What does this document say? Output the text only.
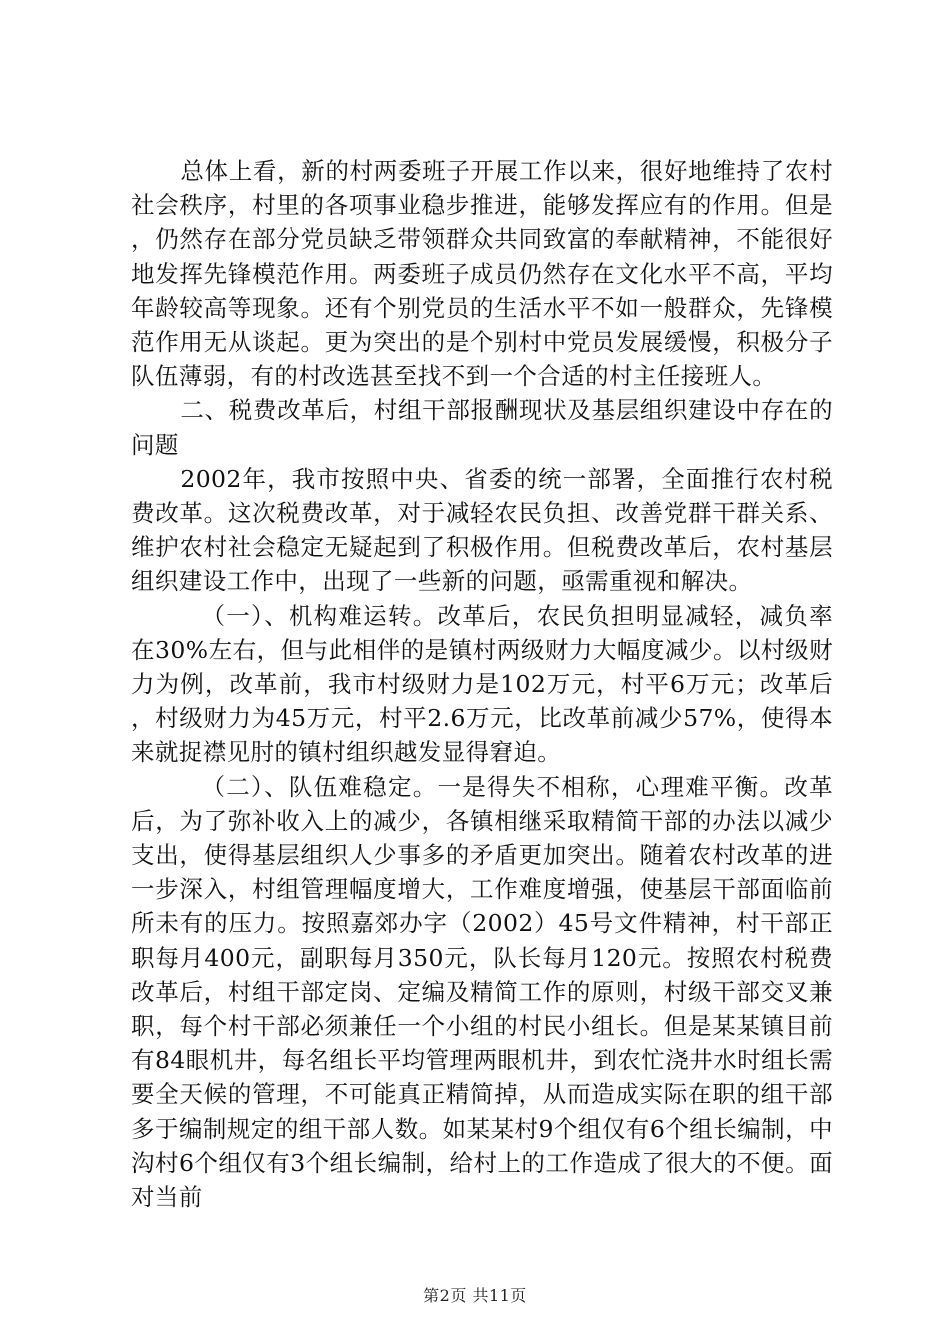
总体上看，新的村两委班子开展工作以来，很好地维持了农村社会秩序，村里的各项事业稳步推进，能够发挥应有的作用。但是，仍然存在部分党员缺乏带领群众共同致富的奉献精神，不能很好地发挥先锋模范作用。两委班子成员仍然存在文化水平不高，平均年龄较高等现象。还有个别党员的生活水平不如一般群众，先锋模范作用无从谈起。更为突出的是个别村中党员发展缓慢，积极分子队伍薄弱，有的村改选甚至找不到一个合适的村主任接班人。

二、税费改革后，村组干部报酬现状及基层组织建设中存在的问题

2002年，我市按照中央、省委的统一部署，全面推行农村税费改革。这次税费改革，对于减轻农民负担、改善党群干群关系、维护农村社会稳定无疑起到了积极作用。但税费改革后，农村基层组织建设工作中，出现了一些新的问题，亟需重视和解决。

（一）、机构难运转。改革后，农民负担明显减轻，减负率在30%左右，但与此相伴的是镇村两级财力大幅度减少。以村级财力为例，改革前，我市村级财力是102万元，村平6万元；改革后，村级财力为45万元，村平2.6万元，比改革前减少57%，使得本来就捉襟见肘的镇村组织越发显得窘迫。

（二）、队伍难稳定。一是得失不相称，心理难平衡。改革后，为了弥补收入上的减少，各镇相继采取精简干部的办法以减少支出，使得基层组织人少事多的矛盾更加突出。随着农村改革的进一步深入，村组管理幅度增大，工作难度增强，使基层干部面临前所未有的压力。按照嘉郊办字（2002）45号文件精神，村干部正职每月400元，副职每月350元，队长每月120元。按照农村税费改革后，村组干部定岗、定编及精简工作的原则，村级干部交叉兼职，每个村干部必须兼任一个小组的村民小组长。但是某某镇目前有84眼机井，每名组长平均管理两眼机井，到农忙浇井水时组长需要全天候的管理，不可能真正精简掉，从而造成实际在职的组干部多于编制规定的组干部人数。如某某村9个组仅有6个组长编制，中沟村6个组仅有3个组长编制，给村上的工作造成了很大的不便。面对当前

第2页 共11页
